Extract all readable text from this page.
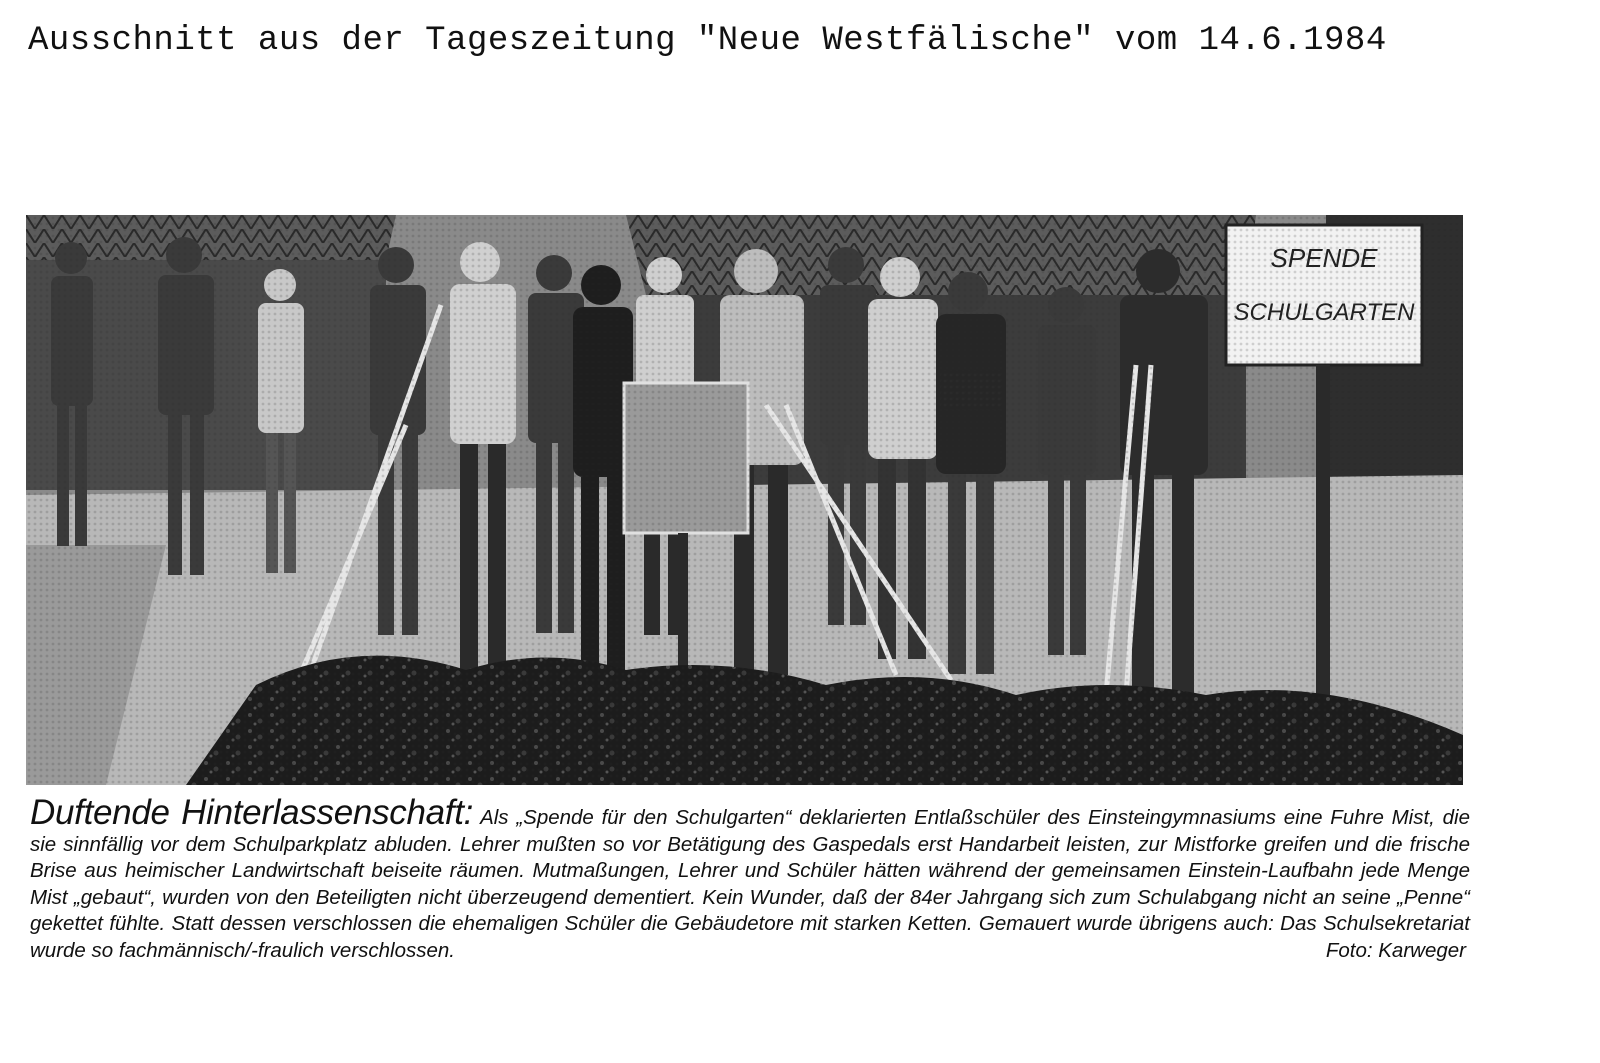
Ausschnitt aus der Tageszeitung "Neue Westfälische" vom 14.6.1984
SPENDE
SCHULGARTEN

Duftende Hinterlassenschaft: Als „Spende für den Schulgarten“ deklarierten Entlaßschüler des Einsteingymnasiums eine Fuhre Mist, die sie sinnfällig vor dem Schulparkplatz abluden. Lehrer mußten so vor Betätigung des Gaspedals erst Handarbeit leisten, zur Mistforke greifen und die frische Brise aus heimischer Landwirtschaft beiseite räumen. Mutmaßungen, Lehrer und Schüler hätten während der gemeinsamen Einstein-Laufbahn jede Menge Mist „gebaut“, wurden von den Beteiligten nicht überzeugend dementiert. Kein Wunder, daß der 84er Jahrgang sich zum Schulabgang nicht an seine „Penne“ gekettet fühlte. Statt dessen verschlossen die ehemaligen Schüler die Gebäudetore mit starken Ketten. Gemauert wurde übrigens auch: Das Schulsekretariat wurde so fachmännisch/-fraulich verschlossen.	Foto: Karweger
